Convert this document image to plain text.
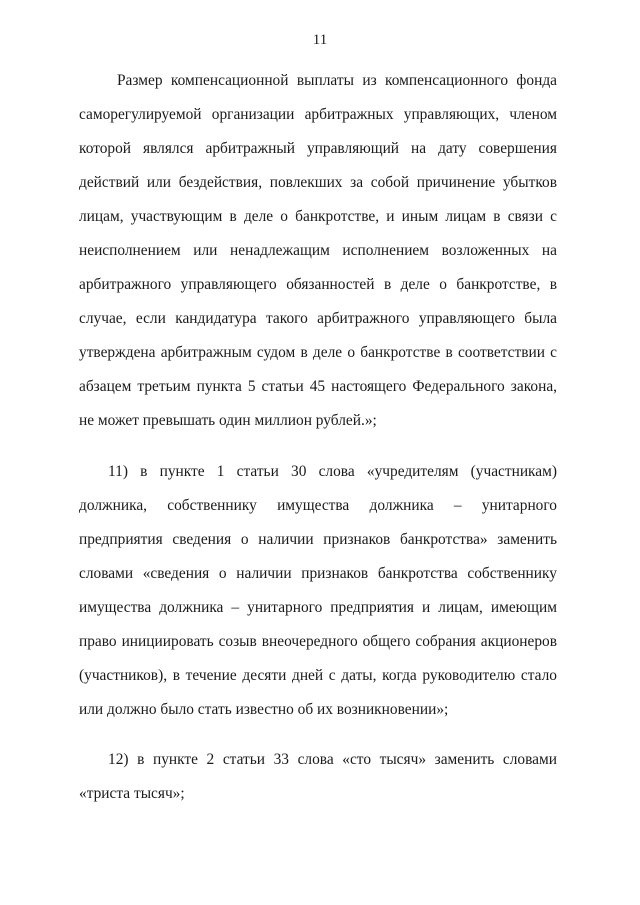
11

Размер компенсационной выплаты из компенсационного фонда саморегулируемой организации арбитражных управляющих, членом которой являлся арбитражный управляющий на дату совершения действий или бездействия, повлекших за собой причинение убытков лицам, участвующим в деле о банкротстве, и иным лицам в связи с неисполнением или ненадлежащим исполнением возложенных на арбитражного управляющего обязанностей в деле о банкротстве, в случае, если кандидатура такого арбитражного управляющего была утверждена арбитражным судом в деле о банкротстве в соответствии с абзацем третьим пункта 5 статьи 45 настоящего Федерального закона, не может превышать один миллион рублей.»;

11) в пункте 1 статьи 30 слова «учредителям (участникам) должника, собственнику имущества должника – унитарного предприятия сведения о наличии признаков банкротства» заменить словами «сведения о наличии признаков банкротства собственнику имущества должника – унитарного предприятия и лицам, имеющим право инициировать созыв внеочередного общего собрания акционеров (участников), в течение десяти дней с даты, когда руководителю стало или должно было стать известно об их возникновении»;

12) в пункте 2 статьи 33 слова «сто тысяч» заменить словами «триста тысяч»;
